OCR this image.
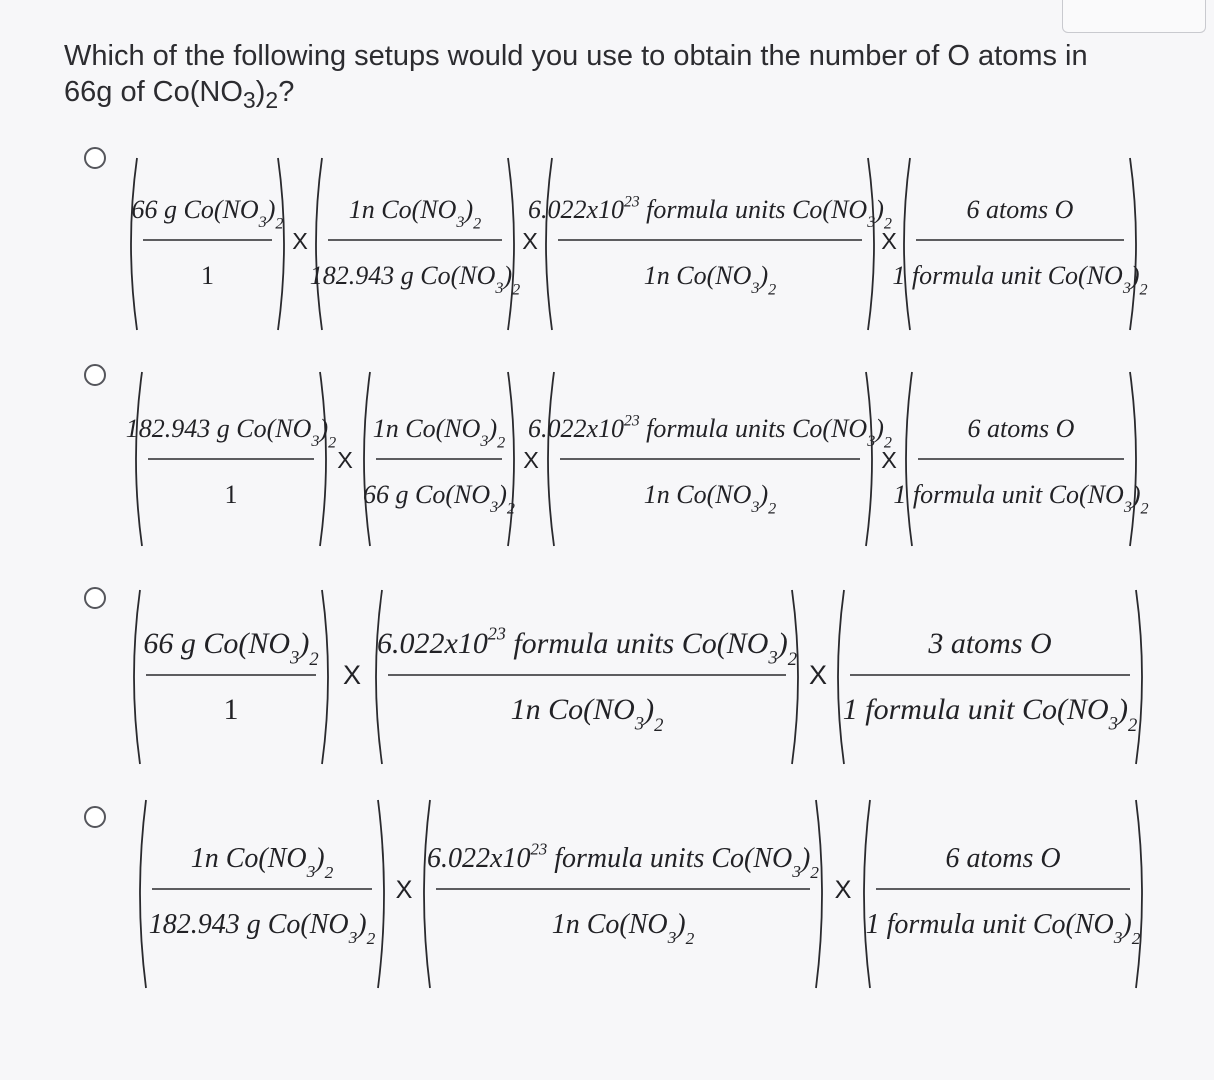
Which of the following setups would you use to obtain the number of O atoms in 66g of $Co(NO_3)_2$?
66 g $Co(NO_3)_2$
1
X
1n $Co(NO_3)_2$
182.943 g $Co(NO_3)_2$
X
$6.022x10^{23}$ formula units $Co(NO_3)_2$
1n $Co(NO_3)_2$
X
6 atoms O
1 formula unit $Co(NO_3)_2$
182.943 g $Co(NO_3)_2$
1
X
1n $Co(NO_3)_2$
66 g $Co(NO_3)_2$
X
$6.022x10^{23}$ formula units $Co(NO_3)_2$
1n $Co(NO_3)_2$
X
6 atoms O
1 formula unit $Co(NO_3)_2$
66 g $Co(NO_3)_2$
1
X
$6.022x10^{23}$ formula units $Co(NO_3)_2$
1n $Co(NO_3)_2$
X
3 atoms O
1 formula unit $Co(NO_3)_2$
1n $Co(NO_3)_2$
182.943 g $Co(NO_3)_2$
X
$6.022x10^{23}$ formula units $Co(NO_3)_2$
1n $Co(NO_3)_2$
X
6 atoms O
1 formula unit $Co(NO_3)_2$
